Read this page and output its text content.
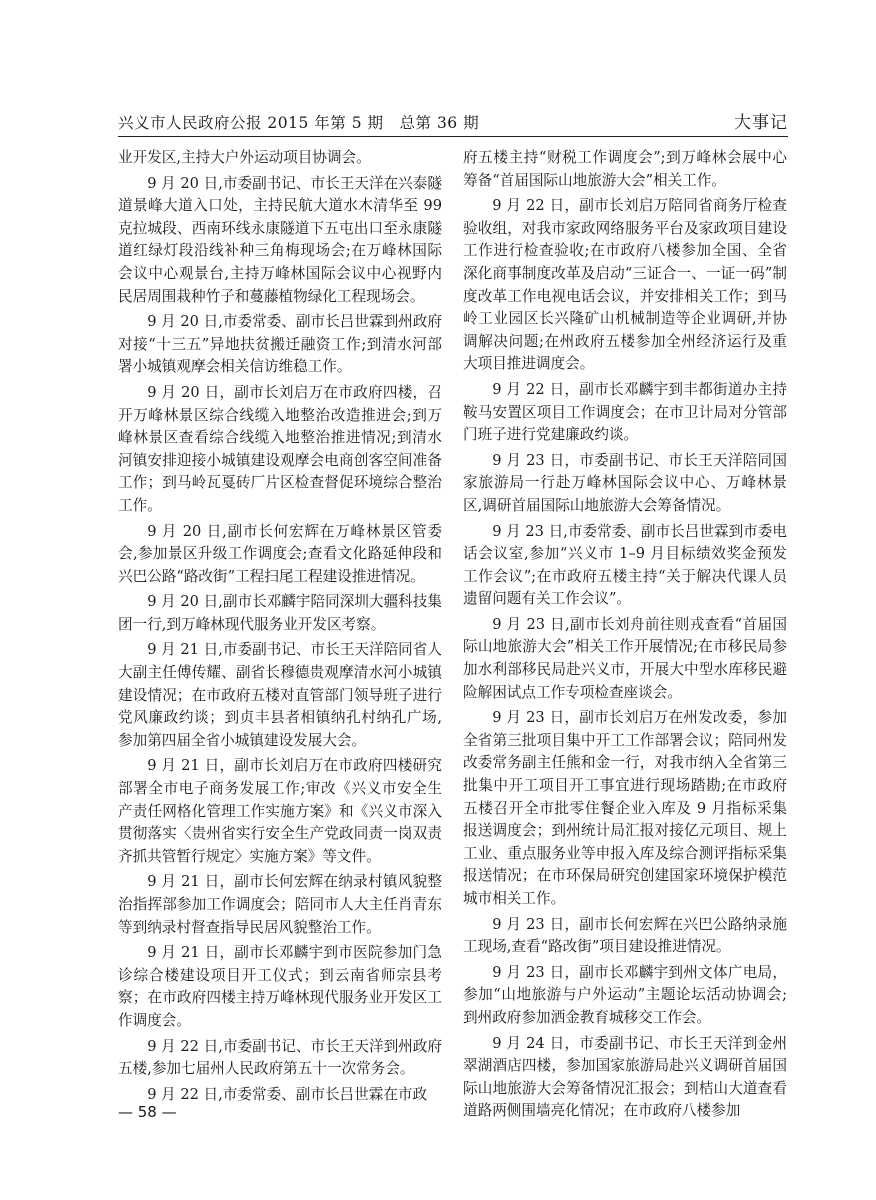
兴义市人民政府公报 2015 年第 5 期　总第 36 期	大事记

业开发区,主持大户外运动项目协调会。

9 月 20 日,市委副书记、市长王天洋在兴泰隧道景峰大道入口处，主持民航大道水木清华至 99 克拉城段、西南环线永康隧道下五屯出口至永康隧道红绿灯段沿线补种三角梅现场会;在万峰林国际会议中心观景台,主持万峰林国际会议中心视野内民居周围栽种竹子和蔓藤植物绿化工程现场会。

9 月 20 日,市委常委、副市长吕世霖到州政府对接“十三五”异地扶贫搬迁融资工作;到清水河部署小城镇观摩会相关信访维稳工作。

9 月 20 日，副市长刘启万在市政府四楼，召开万峰林景区综合线缆入地整治改造推进会;到万峰林景区查看综合线缆入地整治推进情况;到清水河镇安排迎接小城镇建设观摩会电商创客空间准备工作；到马岭瓦戛砖厂片区检查督促环境综合整治工作。

9 月 20 日,副市长何宏辉在万峰林景区管委会,参加景区升级工作调度会;查看文化路延伸段和兴巴公路“路改街”工程扫尾工程建设推进情况。

9 月 20 日,副市长邓麟宇陪同深圳大疆科技集团一行,到万峰林现代服务业开发区考察。

9 月 21 日,市委副书记、市长王天洋陪同省人大副主任傅传耀、副省长穆德贵观摩清水河小城镇建设情况；在市政府五楼对直管部门领导班子进行党风廉政约谈；到贞丰县者相镇纳孔村纳孔广场,参加第四届全省小城镇建设发展大会。

9 月 21 日，副市长刘启万在市政府四楼研究部署全市电子商务发展工作;审改《兴义市安全生产责任网格化管理工作实施方案》和《兴义市深入贯彻落实〈贵州省实行安全生产党政同责一岗双责齐抓共管暂行规定〉实施方案》等文件。

9 月 21 日，副市长何宏辉在纳录村镇风貌整治指挥部参加工作调度会；陪同市人大主任肖青东等到纳录村督查指导民居风貌整治工作。

9 月 21 日，副市长邓麟宇到市医院参加门急诊综合楼建设项目开工仪式；到云南省师宗县考察；在市政府四楼主持万峰林现代服务业开发区工作调度会。

9 月 22 日,市委副书记、市长王天洋到州政府五楼,参加七届州人民政府第五十一次常务会。

9 月 22 日,市委常委、副市长吕世霖在市政

府五楼主持“财税工作调度会”;到万峰林会展中心筹备“首届国际山地旅游大会”相关工作。

9 月 22 日，副市长刘启万陪同省商务厅检查验收组，对我市家政网络服务平台及家政项目建设工作进行检查验收;在市政府八楼参加全国、全省深化商事制度改革及启动“三证合一、一证一码”制度改革工作电视电话会议，并安排相关工作；到马岭工业园区长兴隆矿山机械制造等企业调研,并协调解决问题;在州政府五楼参加全州经济运行及重大项目推进调度会。

9 月 22 日，副市长邓麟宇到丰都街道办主持鞍马安置区项目工作调度会；在市卫计局对分管部门班子进行党建廉政约谈。

9 月 23 日，市委副书记、市长王天洋陪同国家旅游局一行赴万峰林国际会议中心、万峰林景区,调研首届国际山地旅游大会筹备情况。

9 月 23 日,市委常委、副市长吕世霖到市委电话会议室,参加“兴义市 1–9 月目标绩效奖金预发工作会议”;在市政府五楼主持“关于解决代课人员遗留问题有关工作会议”。

9 月 23 日,副市长刘舟前往则戎查看“首届国际山地旅游大会”相关工作开展情况;在市移民局参加水利部移民局赴兴义市，开展大中型水库移民避险解困试点工作专项检查座谈会。

9 月 23 日，副市长刘启万在州发改委，参加全省第三批项目集中开工工作部署会议；陪同州发改委常务副主任熊和金一行，对我市纳入全省第三批集中开工项目开工事宜进行现场踏勘;在市政府五楼召开全市批零住餐企业入库及 9 月指标采集报送调度会；到州统计局汇报对接亿元项目、规上工业、重点服务业等申报入库及综合测评指标采集报送情况；在市环保局研究创建国家环境保护模范城市相关工作。

9 月 23 日，副市长何宏辉在兴巴公路纳录施工现场,查看“路改街”项目建设推进情况。

9 月 23 日，副市长邓麟宇到州文体广电局，参加“山地旅游与户外运动”主题论坛活动协调会;到州政府参加洒金教育城移交工作会。

9 月 24 日，市委副书记、市长王天洋到金州翠湖酒店四楼，参加国家旅游局赴兴义调研首届国际山地旅游大会筹备情况汇报会；到桔山大道查看道路两侧围墙亮化情况；在市政府八楼参加

— 58 —
